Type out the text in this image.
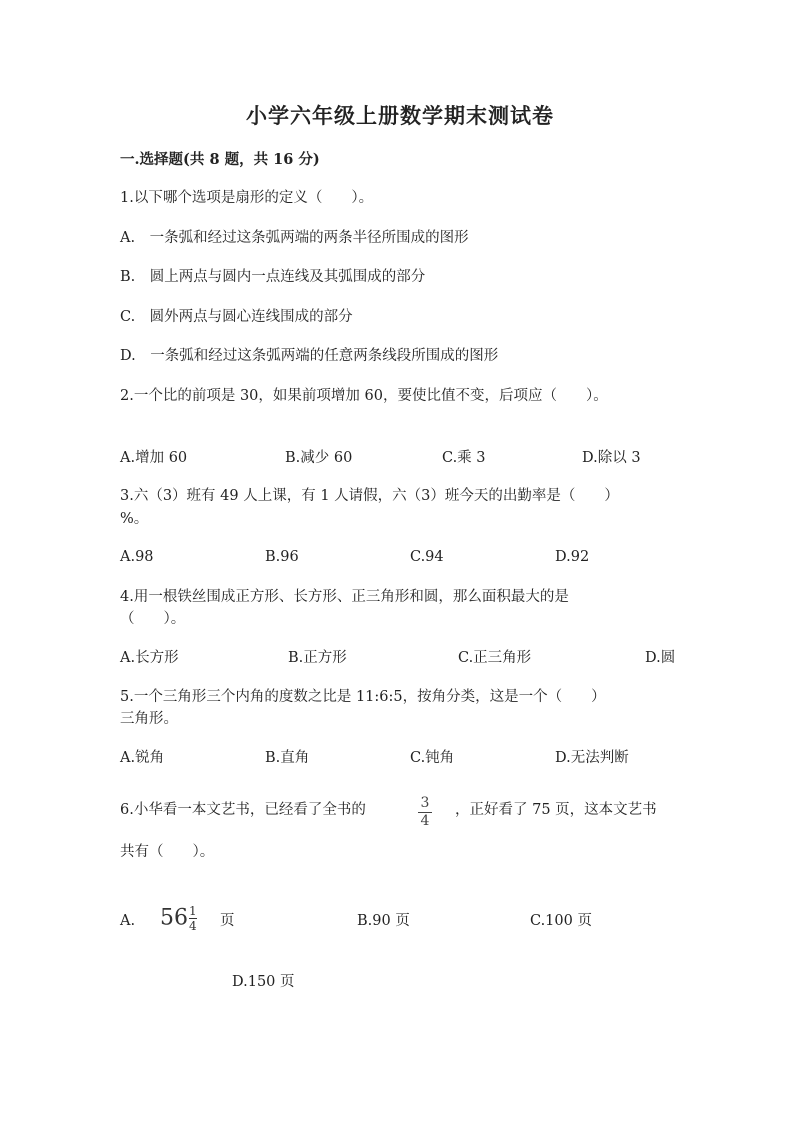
小学六年级上册数学期末测试卷
一.选择题(共 8 题，共 16 分)
1.以下哪个选项是扇形的定义（　　）。
A.　一条弧和经过这条弧两端的两条半径所围成的图形
B.　圆上两点与圆内一点连线及其弧围成的部分
C.　圆外两点与圆心连线围成的部分
D.　一条弧和经过这条弧两端的任意两条线段所围成的图形
2.一个比的前项是 30，如果前项增加 60，要使比值不变，后项应（　　）。
A.增加 60	B.减少 60	C.乘 3	D.除以 3
3.六（3）班有 49 人上课，有 1 人请假，六（3）班今天的出勤率是（　　）
%。
A.98	B.96	C.94	D.92
4.用一根铁丝围成正方形、长方形、正三角形和圆，那么面积最大的是
（　　）。
A.长方形	B.正方形	C.正三角形	D.圆
5.一个三角形三个内角的度数之比是 11:6:5，按角分类，这是一个（　　）
三角形。
A.锐角	B.直角	C.钝角	D.无法判断
6.小华看一本文艺书，已经看了全书的	3
4
，正好看了 75 页，这本文艺书
共有（　　）。
A. $56 \frac{1}{4}$ 页	B.90 页	C.100 页
D.150 页
